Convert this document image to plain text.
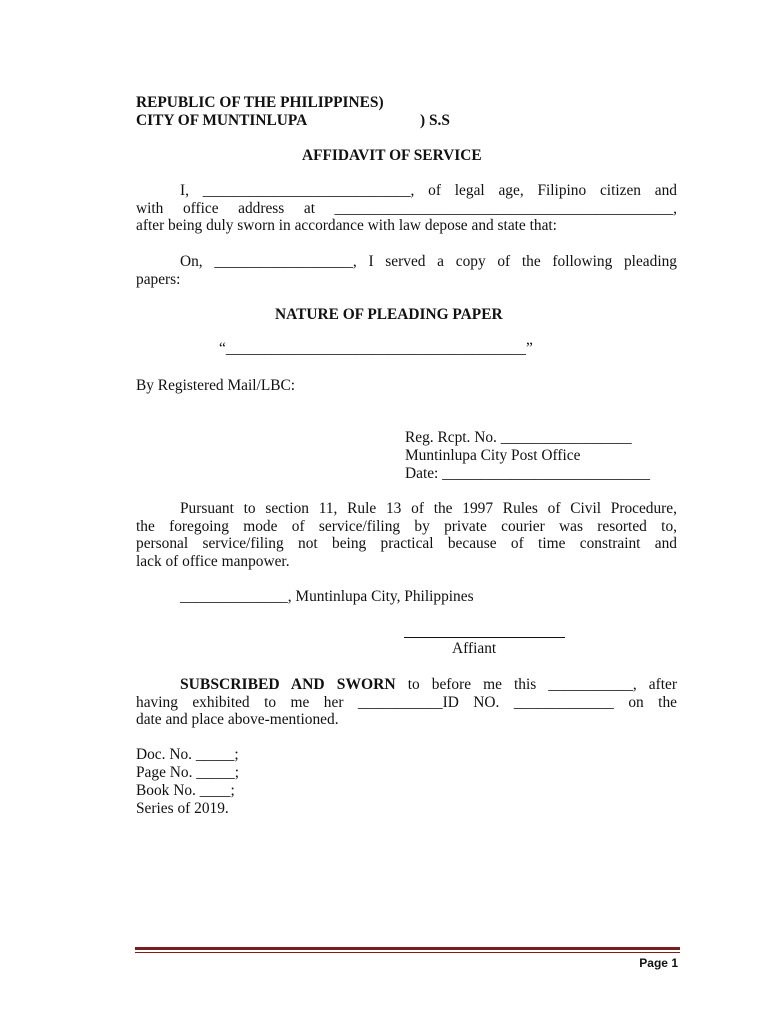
REPUBLIC OF THE PHILIPPINES)
CITY OF MUNTINLUPA	) S.S
AFFIDAVIT OF SERVICE
I, ___________________________, of legal age, Filipino citizen and
with office address at ____________________________________________,
after being duly sworn in accordance with law depose and state that:
On, __________________, I served a copy of the following pleading
papers:
NATURE OF PLEADING PAPER
“_______________________________________”
By Registered Mail/LBC:
Reg. Rcpt. No. _________________
Muntinlupa City Post Office
Date: ___________________________
Pursuant to section 11, Rule 13 of the 1997 Rules of Civil Procedure,
the foregoing mode of service/filing by private courier was resorted to,
personal service/filing not being practical because of time constraint and
lack of office manpower.
______________, Muntinlupa City, Philippines
Affiant
SUBSCRIBED AND SWORN to before me this ___________, after
having exhibited to me her ___________ID NO. _____________ on the
date and place above-mentioned.
Doc. No. _____;
Page No. _____;
Book No. ____;
Series of 2019.
Page 1
